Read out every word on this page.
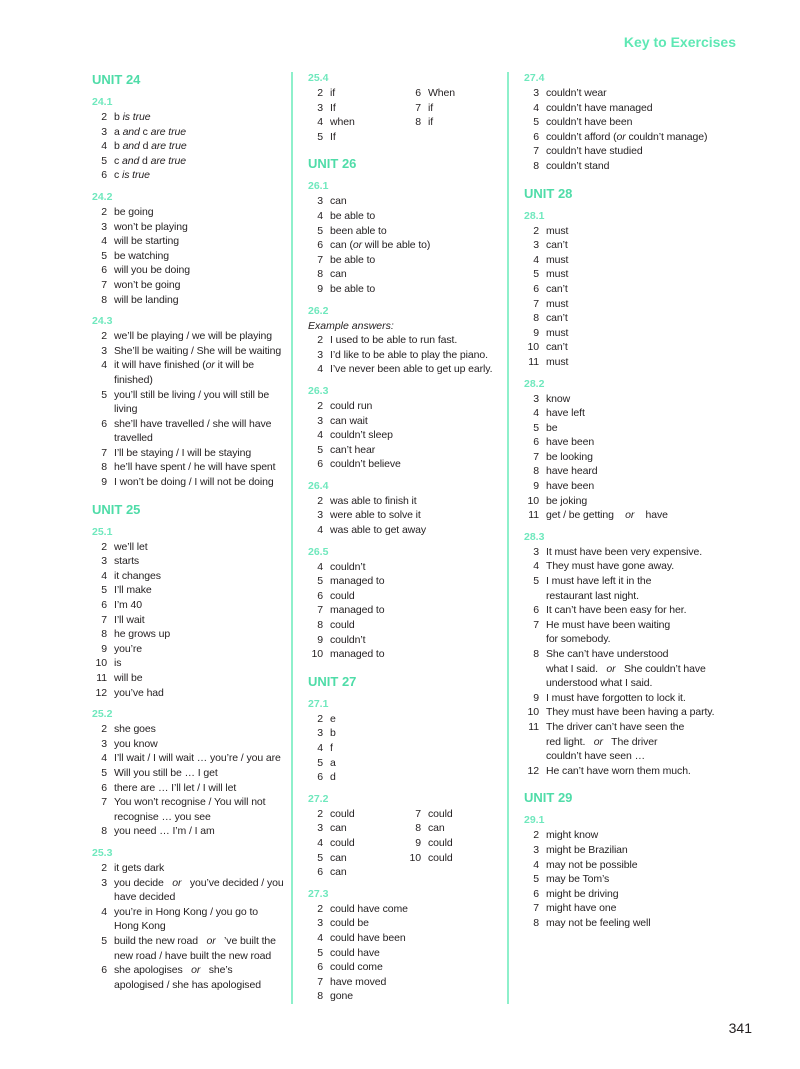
Key to Exercises
UNIT 24
24.1
2 b is true
3 a and c are true
4 b and d are true
5 c and d are true
6 c is true
24.2
2 be going
3 won’t be playing
4 will be starting
5 be watching
6 will you be doing
7 won’t be going
8 will be landing
24.3
2 we’ll be playing / we will be playing
3 She’ll be waiting / She will be waiting
4 it will have finished (or it will be finished)
5 you’ll still be living / you will still be living
6 she’ll have travelled / she will have travelled
7 I’ll be staying / I will be staying
8 he’ll have spent / he will have spent
9 I won’t be doing / I will not be doing
UNIT 25
25.1
2 we’ll let
3 starts
4 it changes
5 I’ll make
6 I’m 40
7 I’ll wait
8 he grows up
9 you’re
10 is
11 will be
12 you’ve had
25.2
2 she goes
3 you know
4 I’ll wait / I will wait … you’re / you are
5 Will you still be … I get
6 there are … I’ll let / I will let
7 You won’t recognise / You will not recognise … you see
8 you need … I’m / I am
25.3
2 it gets dark
3 you decide   or   you’ve decided / you have decided
4 you’re in Hong Kong / you go to Hong Kong
5 build the new road   or   ’ve built the new road / have built the new road
6 she apologises   or   she’s apologised / she has apologised
25.4
2 if
3 If
4 when
5 If
6 When
7 if
8 if
UNIT 26
26.1
3 can
4 be able to
5 been able to
6 can (or will be able to)
7 be able to
8 can
9 be able to
26.2
Example answers:
2 I used to be able to run fast.
3 I’d like to be able to play the piano.
4 I’ve never been able to get up early.
26.3
2 could run
3 can wait
4 couldn’t sleep
5 can’t hear
6 couldn’t believe
26.4
2 was able to finish it
3 were able to solve it
4 was able to get away
26.5
4 couldn’t
5 managed to
6 could
7 managed to
8 could
9 couldn’t
10 managed to
UNIT 27
27.1
2 e
3 b
4 f
5 a
6 d
27.2
2 could
3 can
4 could
5 can
6 can
7 could
8 can
9 could
10 could
27.3
2 could have come
3 could be
4 could have been
5 could have
6 could come
7 have moved
8 gone
27.4
3 couldn’t wear
4 couldn’t have managed
5 couldn’t have been
6 couldn’t afford (or couldn’t manage)
7 couldn’t have studied
8 couldn’t stand
UNIT 28
28.1
2 must
3 can’t
4 must
5 must
6 can’t
7 must
8 can’t
9 must
10 can’t
11 must
28.2
3 know
4 have left
5 be
6 have been
7 be looking
8 have heard
9 have been
10 be joking
11 get / be getting    or    have
28.3
3 It must have been very expensive.
4 They must have gone away.
5 I must have left it in the
restaurant last night.
6 It can’t have been easy for her.
7 He must have been waiting
for somebody.
8 She can’t have understood
what I said.   or   She couldn’t have
understood what I said.
9 I must have forgotten to lock it.
10 They must have been having a party.
11 The driver can’t have seen the
red light.   or   The driver
couldn’t have seen …
12 He can’t have worn them much.
UNIT 29
29.1
2 might know
3 might be Brazilian
4 may not be possible
5 may be Tom’s
6 might be driving
7 might have one
8 may not be feeling well
341
